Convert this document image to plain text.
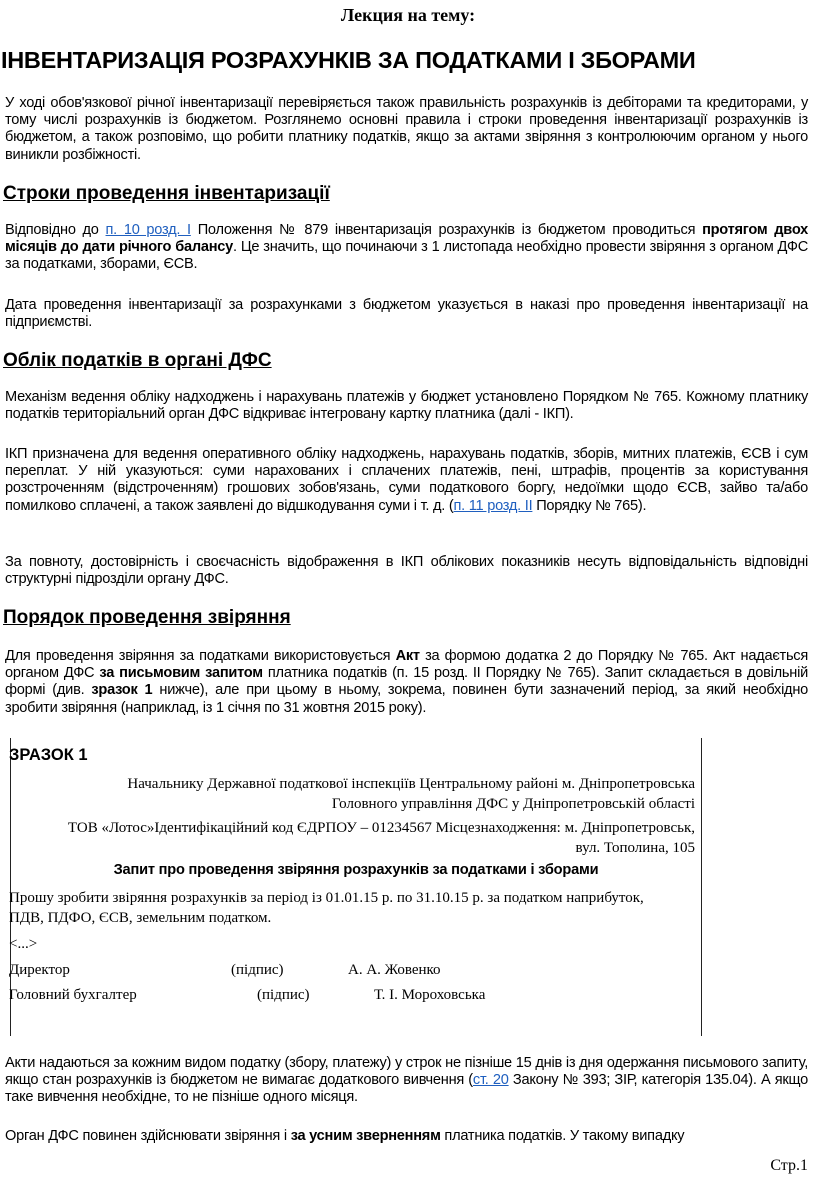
Лекция на тему:
ІНВЕНТАРИЗАЦІЯ РОЗРАХУНКІВ ЗА ПОДАТКАМИ І ЗБОРАМИ
У ході обов'язкової річної інвентаризації перевіряється також правильність розрахунків із дебіторами та кредиторами, у тому числі розрахунків із бюджетом. Розглянемо основні правила і строки проведення інвентаризації розрахунків із бюджетом, а також розповімо, що робити платнику податків, якщо за актами звіряння з контролюючим органом у нього виникли розбіжності.
Строки проведення інвентаризації
Відповідно до п. 10 розд. I Положення № 879 інвентаризація розрахунків із бюджетом проводиться протягом двох місяців до дати річного балансу. Це значить, що починаючи з 1 листопада необхідно провести звіряння з органом ДФС за податками, зборами, ЄСВ.
Дата проведення інвентаризації за розрахунками з бюджетом указується в наказі про проведення інвентаризації на підприємстві.
Облік податків в органі ДФС
Механізм ведення обліку надходжень і нарахувань платежів у бюджет установлено Порядком № 765. Кожному платнику податків територіальний орган ДФС відкриває інтегровану картку платника (далі - ІКП).
ІКП призначена для ведення оперативного обліку надходжень, нарахувань податків, зборів, митних платежів, ЄСВ і сум переплат. У ній указуються: суми нарахованих і сплачених платежів, пені, штрафів, процентів за користування розстроченням (відстроченням) грошових зобов'язань, суми податкового боргу, недоїмки щодо ЄСВ, зайво та/або помилково сплачені, а також заявлені до відшкодування суми і т. д. (п. 11 розд. II Порядку № 765).
За повноту, достовірність і своєчасність відображення в ІКП облікових показників несуть відповідальність відповідні структурні підрозділи органу ДФС.
Порядок проведення звіряння
Для проведення звіряння за податками використовується Акт за формою додатка 2 до Порядку № 765. Акт надається органом ДФС за письмовим запитом платника податків (п. 15 розд. II Порядку № 765). Запит складається в довільній формі (див. зразок 1 нижче), але при цьому в ньому, зокрема, повинен бути зазначений період, за який необхідно зробити звіряння (наприклад, із 1 січня по 31 жовтня 2015 року).
ЗРАЗОК 1
Начальнику Державної податкової інспекціїв Центральному районі м. Дніпропетровська
Головного управління ДФС у Дніпропетровській області
ТОВ «Лотос»Ідентифікаційний код ЄДРПОУ – 01234567 Місцезнаходження: м. Дніпропетровськ,
вул. Тополина, 105
Запит про проведення звіряння розрахунків за податками і зборами
Прошу зробити звіряння розрахунків за період із 01.01.15 р. по 31.10.15 р. за податком наприбуток, ПДВ, ПДФО, ЄСВ, земельним податком.
<...>
Директор	(підпис)	А. А. Жовенко
Головний бухгалтер	(підпис)	Т. І. Мороховська
Акти надаються за кожним видом податку (збору, платежу) у строк не пізніше 15 днів із дня одержання письмового запиту, якщо стан розрахунків із бюджетом не вимагає додаткового вивчення (ст. 20 Закону № 393; ЗІР, категорія 135.04). А якщо таке вивчення необхідне, то не пізніше одного місяця.
Орган ДФС повинен здійснювати звіряння і за усним зверненням платника податків. У такому випадку
Стр.1
